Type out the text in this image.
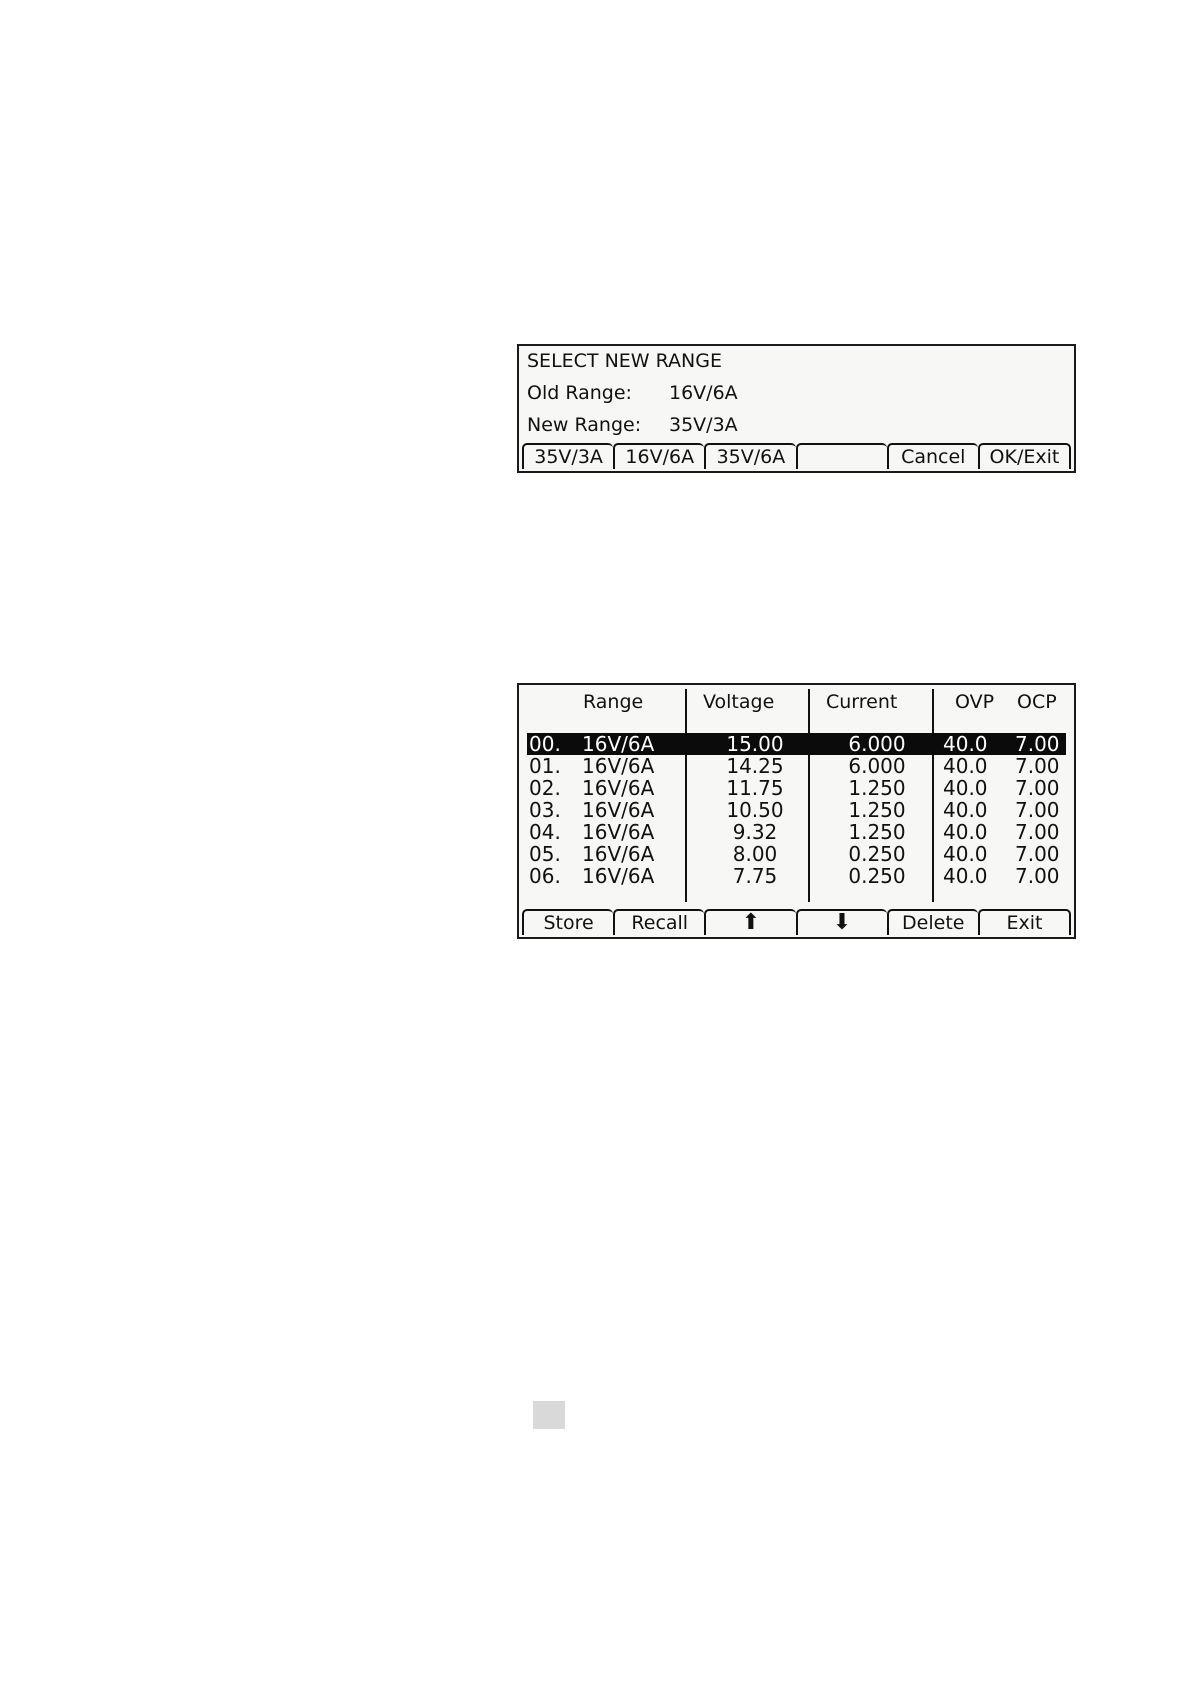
SELECT NEW RANGE
Old Range: 16V/6A
New Range: 35V/3A
35V/3A	16V/6A	35V/6A	Cancel	OK/Exit
Range	Voltage	Current	OVP OCP
00. 16V/6A	15.00	6.000	40.0 7.00
01. 16V/6A	14.25	6.000	40.0 7.00
02. 16V/6A	11.75	1.250	40.0 7.00
03. 16V/6A	10.50	1.250	40.0 7.00
04. 16V/6A	9.32	1.250	40.0 7.00
05. 16V/6A	8.00	0.250	40.0 7.00
06. 16V/6A	7.75	0.250	40.0 7.00
Store	Recall	⬆	⬇	Delete	Exit
